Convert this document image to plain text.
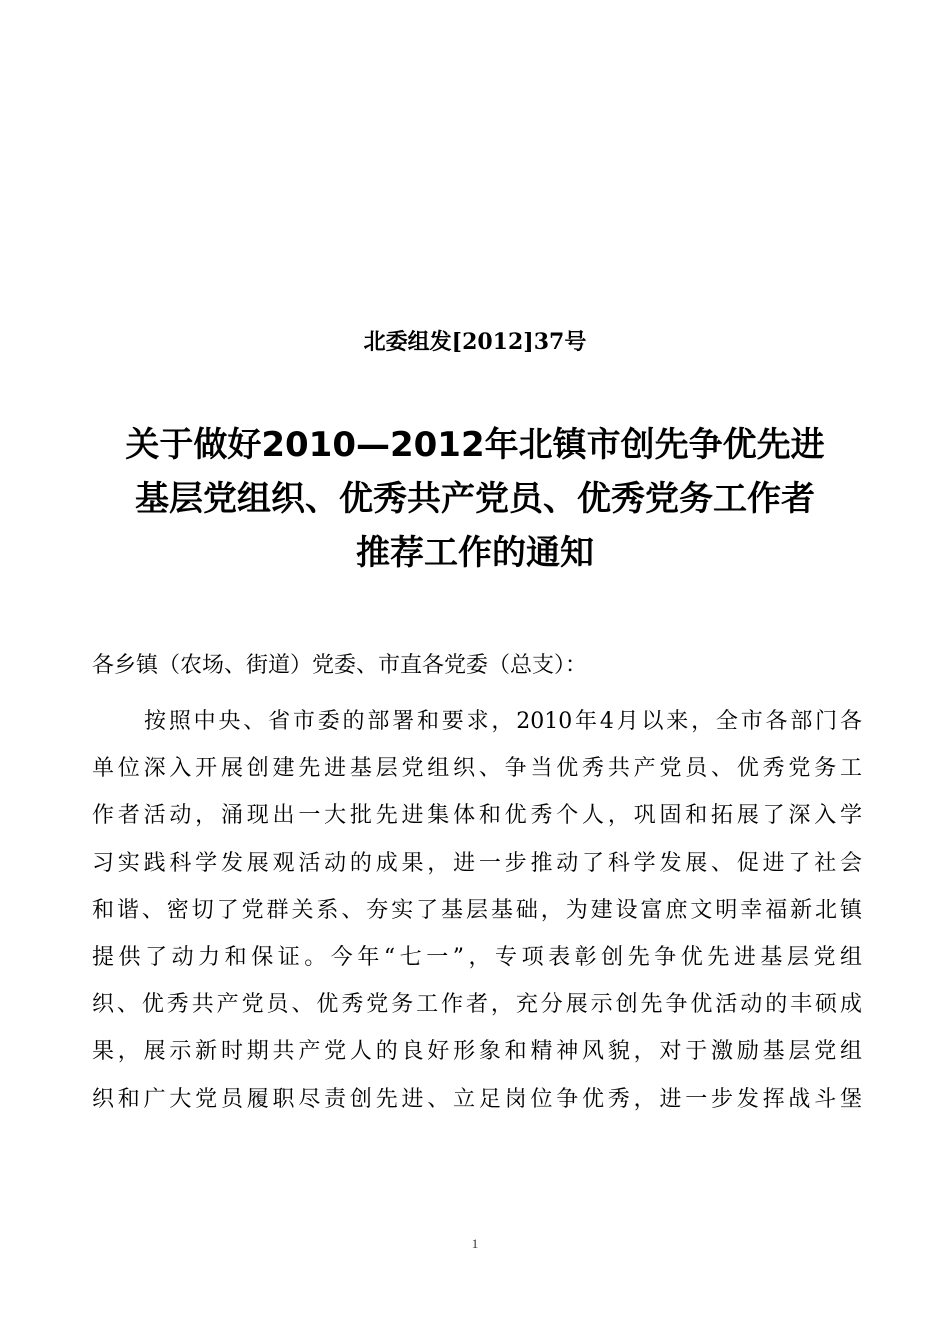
北委组发[2012]37号
关于做好2010—2012年北镇市创先争优先进
基层党组织、优秀共产党员、优秀党务工作者
推荐工作的通知
各乡镇（农场、街道）党委、市直各党委（总支）：
按照中央、省市委的部署和要求，2010年4月以来，全市各部门各
单位深入开展创建先进基层党组织、争当优秀共产党员、优秀党务工
作者活动，涌现出一大批先进集体和优秀个人，巩固和拓展了深入学
习实践科学发展观活动的成果，进一步推动了科学发展、促进了社会
和谐、密切了党群关系、夯实了基层基础，为建设富庶文明幸福新北镇
提供了动力和保证。今年“七一”，专项表彰创先争优先进基层党组
织、优秀共产党员、优秀党务工作者，充分展示创先争优活动的丰硕成
果，展示新时期共产党人的良好形象和精神风貌，对于激励基层党组
织和广大党员履职尽责创先进、立足岗位争优秀，进一步发挥战斗堡
1
